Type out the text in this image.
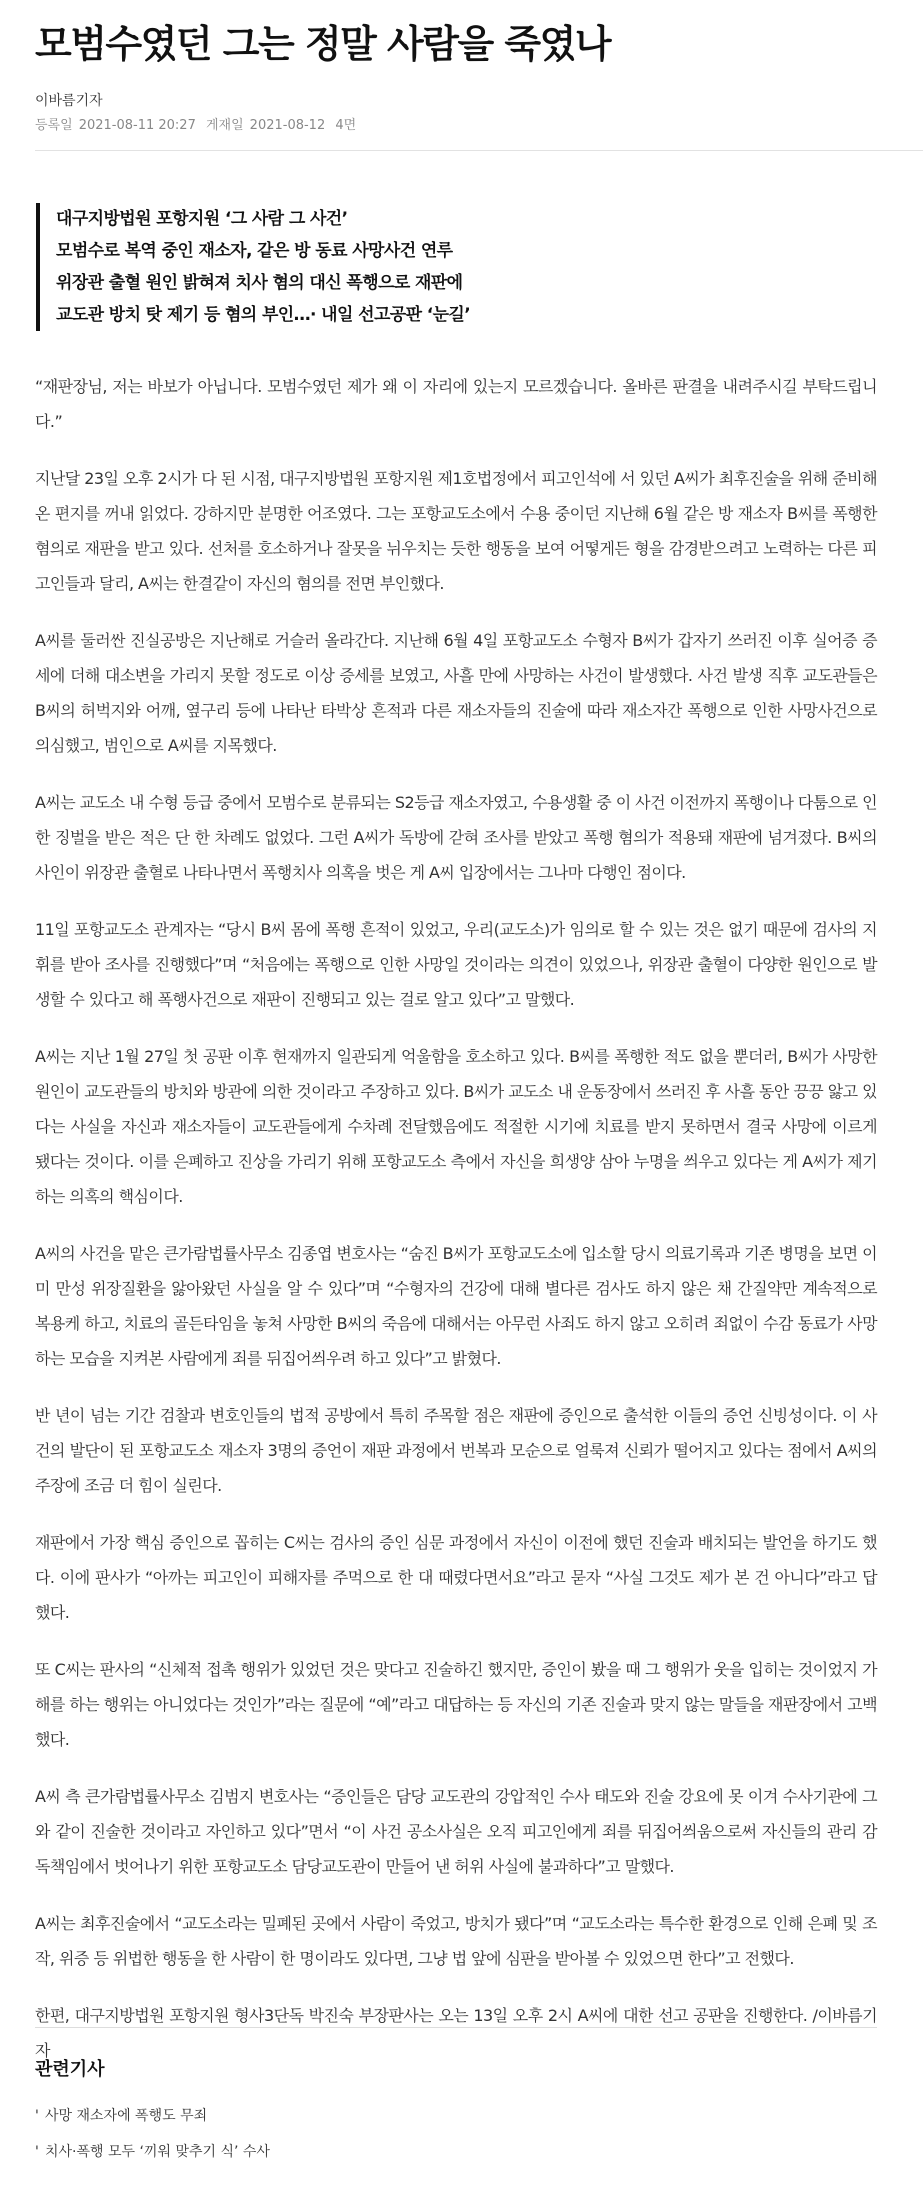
모범수였던 그는 정말 사람을 죽였나
이바름기자
등록일 2021-08-11 20:27 게재일 2021-08-12 4면

대구지방법원 포항지원 ‘그 사람 그 사건’

모범수로 복역 중인 재소자, 같은 방 동료 사망사건 연루

위장관 출혈 원인 밝혀져 치사 혐의 대신 폭행으로 재판에

교도관 방치 탓 제기 등 혐의 부인…· 내일 선고공판 ‘눈길’

“재판장님, 저는 바보가 아닙니다. 모범수였던 제가 왜 이 자리에 있는지 모르겠습니다. 올바른 판결을 내려주시길 부탁드립니다.”

지난달 23일 오후 2시가 다 된 시점, 대구지방법원 포항지원 제1호법정에서 피고인석에 서 있던 A씨가 최후진술을 위해 준비해 온 편지를 꺼내 읽었다. 강하지만 분명한 어조였다. 그는 포항교도소에서 수용 중이던 지난해 6월 같은 방 재소자 B씨를 폭행한 혐의로 재판을 받고 있다. 선처를 호소하거나 잘못을 뉘우치는 듯한 행동을 보여 어떻게든 형을 감경받으려고 노력하는 다른 피고인들과 달리, A씨는 한결같이 자신의 혐의를 전면 부인했다.

A씨를 둘러싼 진실공방은 지난해로 거슬러 올라간다. 지난해 6월 4일 포항교도소 수형자 B씨가 갑자기 쓰러진 이후 실어증 증세에 더해 대소변을 가리지 못할 정도로 이상 증세를 보였고, 사흘 만에 사망하는 사건이 발생했다. 사건 발생 직후 교도관들은 B씨의 허벅지와 어깨, 옆구리 등에 나타난 타박상 흔적과 다른 재소자들의 진술에 따라 재소자간 폭행으로 인한 사망사건으로 의심했고, 범인으로 A씨를 지목했다.

A씨는 교도소 내 수형 등급 중에서 모범수로 분류되는 S2등급 재소자였고, 수용생활 중 이 사건 이전까지 폭행이나 다툼으로 인한 징벌을 받은 적은 단 한 차례도 없었다. 그런 A씨가 독방에 갇혀 조사를 받았고 폭행 혐의가 적용돼 재판에 넘겨졌다. B씨의 사인이 위장관 출혈로 나타나면서 폭행치사 의혹을 벗은 게 A씨 입장에서는 그나마 다행인 점이다.

11일 포항교도소 관계자는 “당시 B씨 몸에 폭행 흔적이 있었고, 우리(교도소)가 임의로 할 수 있는 것은 없기 때문에 검사의 지휘를 받아 조사를 진행했다”며 “처음에는 폭행으로 인한 사망일 것이라는 의견이 있었으나, 위장관 출혈이 다양한 원인으로 발생할 수 있다고 해 폭행사건으로 재판이 진행되고 있는 걸로 알고 있다”고 말했다.

A씨는 지난 1월 27일 첫 공판 이후 현재까지 일관되게 억울함을 호소하고 있다. B씨를 폭행한 적도 없을 뿐더러, B씨가 사망한 원인이 교도관들의 방치와 방관에 의한 것이라고 주장하고 있다. B씨가 교도소 내 운동장에서 쓰러진 후 사흘 동안 끙끙 앓고 있다는 사실을 자신과 재소자들이 교도관들에게 수차례 전달했음에도 적절한 시기에 치료를 받지 못하면서 결국 사망에 이르게 됐다는 것이다. 이를 은폐하고 진상을 가리기 위해 포항교도소 측에서 자신을 희생양 삼아 누명을 씌우고 있다는 게 A씨가 제기하는 의혹의 핵심이다.

A씨의 사건을 맡은 큰가람법률사무소 김종엽 변호사는 “숨진 B씨가 포항교도소에 입소할 당시 의료기록과 기존 병명을 보면 이미 만성 위장질환을 앓아왔던 사실을 알 수 있다”며 “수형자의 건강에 대해 별다른 검사도 하지 않은 채 간질약만 계속적으로 복용케 하고, 치료의 골든타임을 놓쳐 사망한 B씨의 죽음에 대해서는 아무런 사죄도 하지 않고 오히려 죄없이 수감 동료가 사망하는 모습을 지켜본 사람에게 죄를 뒤집어씌우려 하고 있다”고 밝혔다.

반 년이 넘는 기간 검찰과 변호인들의 법적 공방에서 특히 주목할 점은 재판에 증인으로 출석한 이들의 증언 신빙성이다. 이 사건의 발단이 된 포항교도소 재소자 3명의 증언이 재판 과정에서 번복과 모순으로 얼룩져 신뢰가 떨어지고 있다는 점에서 A씨의 주장에 조금 더 힘이 실린다.

재판에서 가장 핵심 증인으로 꼽히는 C씨는 검사의 증인 심문 과정에서 자신이 이전에 했던 진술과 배치되는 발언을 하기도 했다. 이에 판사가 “아까는 피고인이 피해자를 주먹으로 한 대 때렸다면서요”라고 묻자 “사실 그것도 제가 본 건 아니다”라고 답했다.

또 C씨는 판사의 “신체적 접촉 행위가 있었던 것은 맞다고 진술하긴 했지만, 증인이 봤을 때 그 행위가 웃을 입히는 것이었지 가해를 하는 행위는 아니었다는 것인가”라는 질문에 “예”라고 대답하는 등 자신의 기존 진술과 맞지 않는 말들을 재판장에서 고백했다.

A씨 측 큰가람법률사무소 김범지 변호사는 “증인들은 담당 교도관의 강압적인 수사 태도와 진술 강요에 못 이겨 수사기관에 그와 같이 진술한 것이라고 자인하고 있다”면서 “이 사건 공소사실은 오직 피고인에게 죄를 뒤집어씌움으로써 자신들의 관리 감독책임에서 벗어나기 위한 포항교도소 담당교도관이 만들어 낸 허위 사실에 불과하다”고 말했다.

A씨는 최후진술에서 “교도소라는 밀폐된 곳에서 사람이 죽었고, 방치가 됐다”며 “교도소라는 특수한 환경으로 인해 은폐 및 조작, 위증 등 위법한 행동을 한 사람이 한 명이라도 있다면, 그냥 법 앞에 심판을 받아볼 수 있었으면 한다”고 전했다.

한편, 대구지방법원 포항지원 형사3단독 박진숙 부장판사는 오는 13일 오후 2시 A씨에 대한 선고 공판을 진행한다. /이바름기자

관련기사
' 사망 재소자에 폭행도 무죄
' 치사·폭행 모두 ‘끼워 맞추기 식’ 수사
